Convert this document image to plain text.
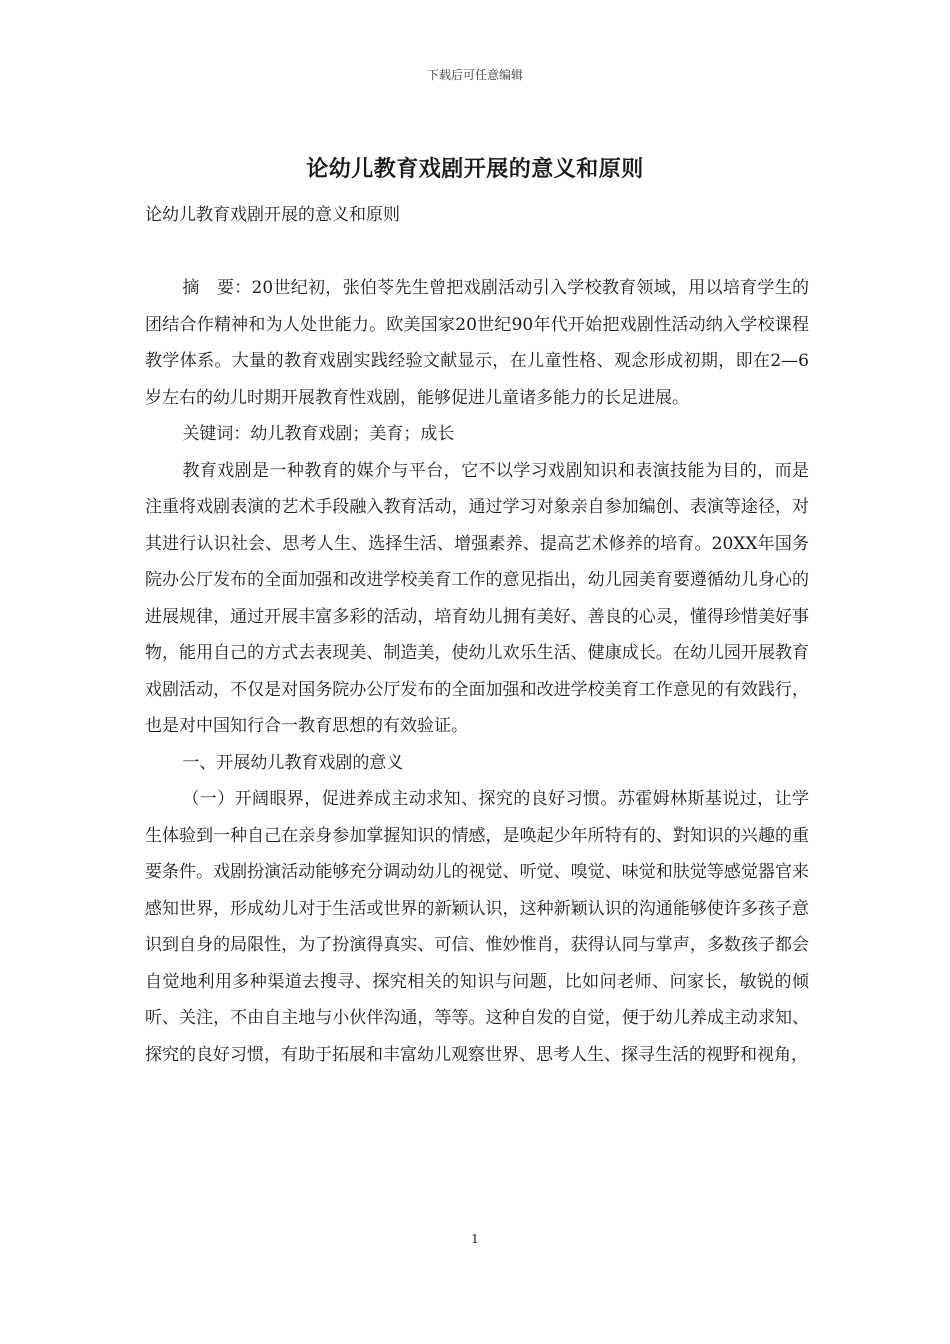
下载后可任意编辑
论幼儿教育戏剧开展的意义和原则
论幼儿教育戏剧开展的意义和原则

摘　要：20世纪初，张伯苓先生曾把戏剧活动引入学校教育领域，用以培育学生的团结合作精神和为人处世能力。欧美国家20世纪90年代开始把戏剧性活动纳入学校课程教学体系。大量的教育戏剧实践经验文献显示，在儿童性格、观念形成初期，即在2—6岁左右的幼儿时期开展教育性戏剧，能够促进儿童诸多能力的长足进展。

关键词：幼儿教育戏剧；美育；成长

教育戏剧是一种教育的媒介与平台，它不以学习戏剧知识和表演技能为目的，而是注重将戏剧表演的艺术手段融入教育活动，通过学习对象亲自参加编创、表演等途径，对其进行认识社会、思考人生、选择生活、增强素养、提高艺术修养的培育。20XX年国务院办公厅发布的全面加强和改进学校美育工作的意见指出，幼儿园美育要遵循幼儿身心的进展规律，通过开展丰富多彩的活动，培育幼儿拥有美好、善良的心灵，懂得珍惜美好事物，能用自己的方式去表现美、制造美，使幼儿欢乐生活、健康成长。在幼儿园开展教育戏剧活动，不仅是对国务院办公厅发布的全面加强和改进学校美育工作意见的有效践行，也是对中国知行合一教育思想的有效验证。

一、开展幼儿教育戏剧的意义

（一）开阔眼界，促进养成主动求知、探究的良好习惯。苏霍姆林斯基说过，让学生体验到一种自己在亲身参加掌握知识的情感，是唤起少年所特有的、對知识的兴趣的重要条件。戏剧扮演活动能够充分调动幼儿的视觉、听觉、嗅觉、味觉和肤觉等感觉器官来感知世界，形成幼儿对于生活或世界的新颖认识，这种新颖认识的沟通能够使许多孩子意识到自身的局限性，为了扮演得真实、可信、惟妙惟肖，获得认同与掌声，多数孩子都会自觉地利用多种渠道去搜寻、探究相关的知识与问题，比如问老师、问家长，敏锐的倾听、关注，不由自主地与小伙伴沟通，等等。这种自发的自觉，便于幼儿养成主动求知、探究的良好习惯，有助于拓展和丰富幼儿观察世界、思考人生、探寻生活的视野和视角，

1
